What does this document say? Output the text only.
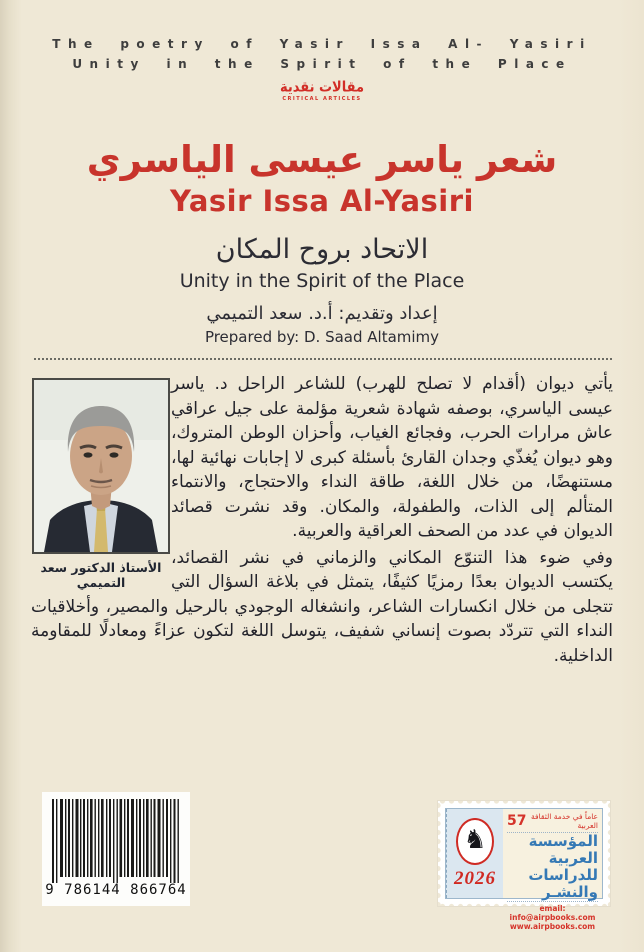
The poetry of Yasir Issa Al- Yasiri
Unity in the Spirit of the Place
مقالات نقدية
CRITICAL ARTICLES
شعر ياسر عيسى الياسري
Yasir Issa Al-Yasiri
الاتحاد بروح المكان
Unity in the Spirit of the Place
إعداد وتقديم: أ.د. سعد التميمي
Prepared by: D. Saad Altamimy
الأستاذ الدكتور سعد التميمي

يأتي ديوان (أقدام لا تصلح للهرب) للشاعر الراحل د. ياسر عيسى الياسري، بوصفه شهادة شعرية مؤلمة على جيل عراقي عاش مرارات الحرب، وفجائع الغياب، وأحزان الوطن المتروك، وهو ديوان يُغذّي وجدان القارئ بأسئلة كبرى لا إجابات نهائية لها، مستنهضًا، من خلال اللغة، طاقة النداء والاحتجاج، والانتماء المتألم إلى الذات، والطفولة، والمكان. وقد نشرت قصائد الديوان في عدد من الصحف العراقية والعربية.

وفي ضوء هذا التنوّع المكاني والزماني في نشر القصائد، يكتسب الديوان بعدًا رمزيًا كثيفًا، يتمثل في بلاغة السؤال التي تتجلى من خلال انكسارات الشاعر، وانشغاله الوجودي بالرحيل والمصير، وأخلاقيات النداء التي تتردّد بصوت إنساني شفيف، يتوسل اللغة لتكون عزاءً ومعادلًا للمقاومة الداخلية.

9 786144 866764
♞
2026
57 عاماً في خدمة الثقافة العربية
المؤسسة العربية
للدراسات والنشـر
email: info@airpbooks.com
www.airpbooks.com
